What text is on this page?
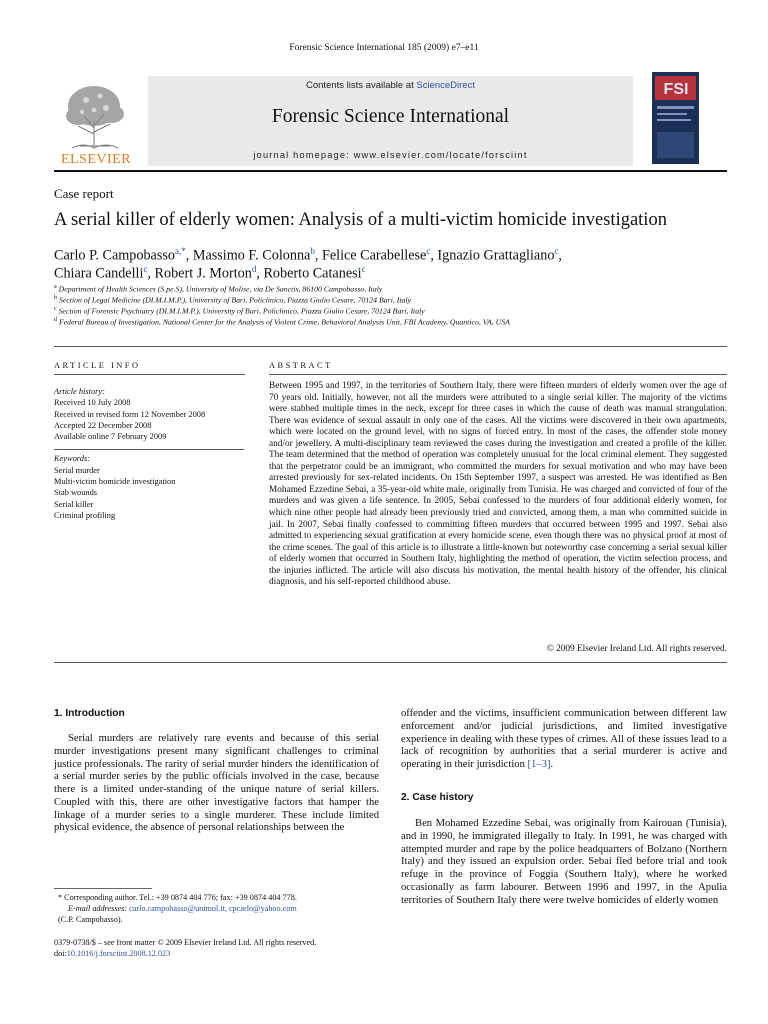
Forensic Science International 185 (2009) e7–e11
ELSEVIER
Contents lists available at ScienceDirect
Forensic Science International
journal homepage: www.elsevier.com/locate/forsciint
FSI
Case report
A serial killer of elderly women: Analysis of a multi-victim homicide investigation
Carlo P. Campobasso$^{a,*}$, Massimo F. Colonna$^b$, Felice Carabellese$^c$, Ignazio Grattagliano$^c$,
Chiara Candelli$^c$, Robert J. Morton$^d$, Roberto Catanesi$^c$
$^a$ Department of Health Sciences (S.pe.S), University of Molise, via De Sanctis, 86100 Campobasso, Italy
$^b$ Section of Legal Medicine (DI.M.I.M.P.), University of Bari, Policlinico, Piazza Giulio Cesare, 70124 Bari, Italy
$^c$ Section of Forensic Psychiatry (DI.M.I.M.P.), University of Bari, Policlinico, Piazza Giulio Cesare, 70124 Bari, Italy
$^d$ Federal Bureau of Investigation, National Center for the Analysis of Violent Crime, Behavioral Analysis Unit, FBI Academy, Quantico, VA, USA
ARTICLE INFO	ABSTRACT
Article history:
Received 10 July 2008
Received in revised form 12 November 2008
Accepted 22 December 2008
Available online 7 February 2009
Keywords:
Serial murder
Multi-victim homicide investigation
Stab wounds
Serial killer
Criminal profiling
Between 1995 and 1997, in the territories of Southern Italy, there were fifteen murders of elderly women over the age of 70 years old. Initially, however, not all the murders were attributed to a single serial killer. The majority of the victims were stabbed multiple times in the neck, except for three cases in which the cause of death was manual strangulation. There was evidence of sexual assault in only one of the cases. All the victims were discovered in their own apartments, which were located on the ground level, with no signs of forced entry. In most of the cases, the offender stole money and/or jewellery. A multi-disciplinary team reviewed the cases during the investigation and created a profile of the killer. The team determined that the method of operation was completely unusual for the local criminal element. They suggested that the perpetrator could be an immigrant, who committed the murders for sexual motivation and who may have been arrested previously for sex-related incidents. On 15th September 1997, a suspect was arrested. He was identified as Ben Mohamed Ezzedine Sebai, a 35-year-old white male, originally from Tunisia. He was charged and convicted of four of the murders and was given a life sentence. In 2005, Sebai confessed to the murders of four additional elderly women, for which nine other people had already been previously tried and convicted, among them, a man who committed suicide in jail. In 2007, Sebai finally confessed to committing fifteen murders that occurred between 1995 and 1997. Sebai also admitted to experiencing sexual gratification at every homicide scene, even though there was no physical proof at most of the crime scenes. The goal of this article is to illustrate a little-known but noteworthy case concerning a serial sexual killer of elderly women that occurred in Southern Italy, highlighting the method of operation, the victim selection process, and the injuries inflicted. The article will also discuss his motivation, the mental health history of the offender, his clinical diagnosis, and his self-reported childhood abuse.
© 2009 Elsevier Ireland Ltd. All rights reserved.
1. Introduction

Serial murders are relatively rare events and because of this serial murder investigations present many significant challenges to criminal justice professionals. The rarity of serial murder hinders the identification of a serial murder series by the public officials involved in the case, because there is a limited under-standing of the unique nature of serial killers. Coupled with this, there are other investigative factors that hamper the linkage of a murder series to a single murderer. These include limited physical evidence, the absence of personal relationships between the

offender and the victims, insufficient communication between different law enforcement and/or judicial jurisdictions, and limited investigative experience in dealing with these types of crimes. All of these issues lead to a lack of recognition by authorities that a serial murderer is active and operating in their jurisdiction [1–3].

2. Case history

Ben Mohamed Ezzedine Sebai, was originally from Kairouan (Tunisia), and in 1990, he immigrated illegally to Italy. In 1991, he was charged with attempted murder and rape by the police headquarters of Bolzano (Northern Italy) and they issued an expulsion order. Sebai fled before trial and took refuge in the province of Foggia (Southern Italy), where he worked occasionally as farm labourer. Between 1996 and 1997, in the Apulia territories of Southern Italy there were twelve homicides of elderly women

* Corresponding author. Tel.: +39 0874 404 776; fax: +39 0874 404 778.
E-mail addresses: carlo.campobasso@unimol.it, cpcarlo@yahoo.com
(C.P. Campobasso).
0379-0738/$ – see front matter © 2009 Elsevier Ireland Ltd. All rights reserved.
doi:10.1016/j.forsciint.2008.12.023
